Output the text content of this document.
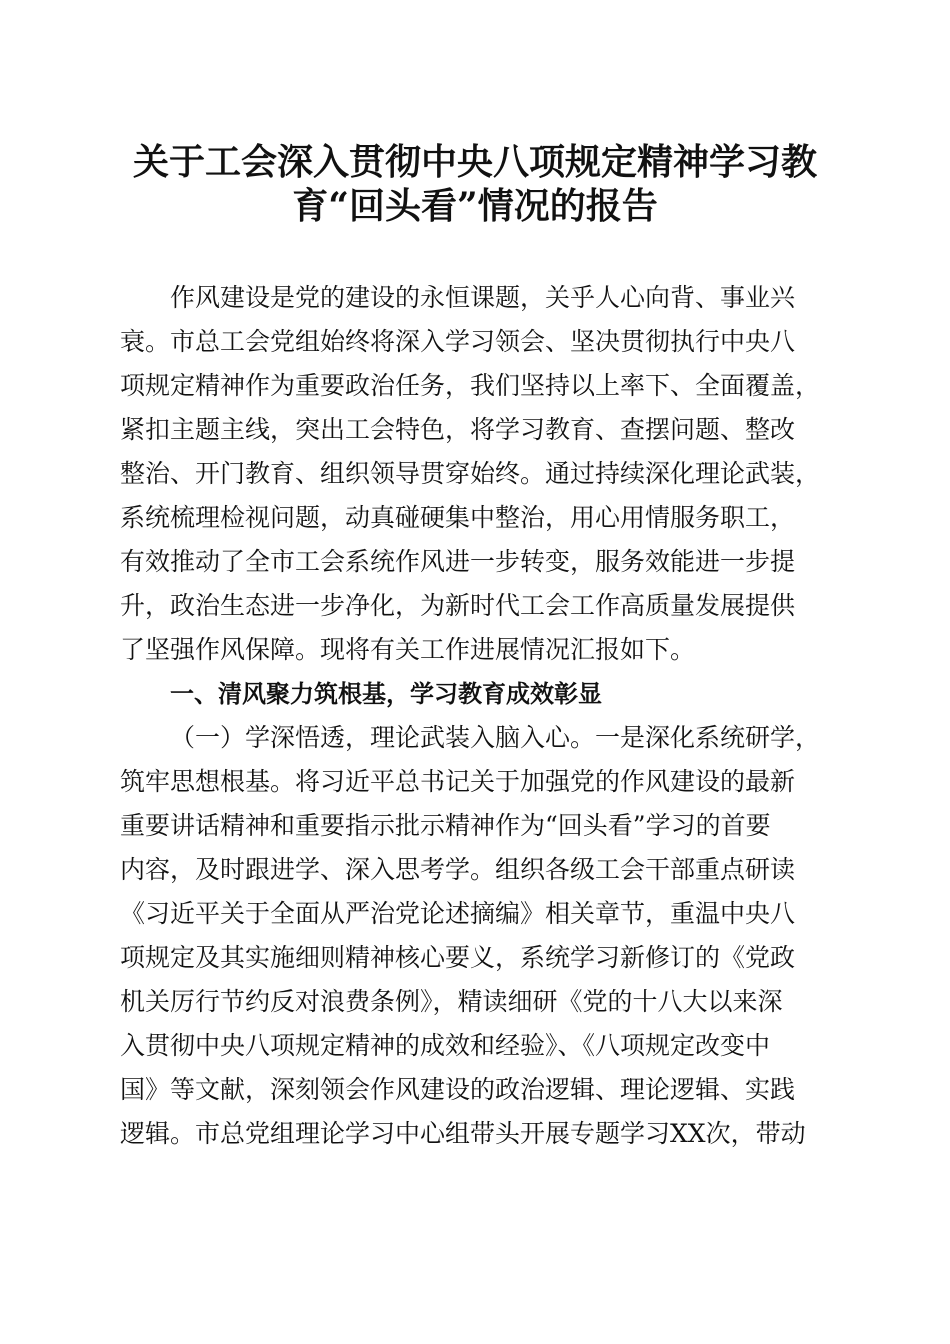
关于工会深入贯彻中央八项规定精神学习教
育“回头看”情况的报告

作风建设是党的建设的永恒课题，关乎人心向背、事业兴

衰。市总工会党组始终将深入学习领会、坚决贯彻执行中央八

项规定精神作为重要政治任务，我们坚持以上率下、全面覆盖，

紧扣主题主线，突出工会特色，将学习教育、查摆问题、整改

整治、开门教育、组织领导贯穿始终。通过持续深化理论武装，

系统梳理检视问题，动真碰硬集中整治，用心用情服务职工，

有效推动了全市工会系统作风进一步转变，服务效能进一步提

升，政治生态进一步净化，为新时代工会工作高质量发展提供

了坚强作风保障。现将有关工作进展情况汇报如下。

一、清风聚力筑根基，学习教育成效彰显

（一）学深悟透，理论武装入脑入心。一是深化系统研学，

筑牢思想根基。将习近平总书记关于加强党的作风建设的最新

重要讲话精神和重要指示批示精神作为“回头看”学习的首要

内容，及时跟进学、深入思考学。组织各级工会干部重点研读

《习近平关于全面从严治党论述摘编》相关章节，重温中央八

项规定及其实施细则精神核心要义，系统学习新修订的《党政

机关厉行节约反对浪费条例》，精读细研《党的十八大以来深

入贯彻中央八项规定精神的成效和经验》、《八项规定改变中

国》等文献，深刻领会作风建设的政治逻辑、理论逻辑、实践

逻辑。市总党组理论学习中心组带头开展专题学习XX次，带动
